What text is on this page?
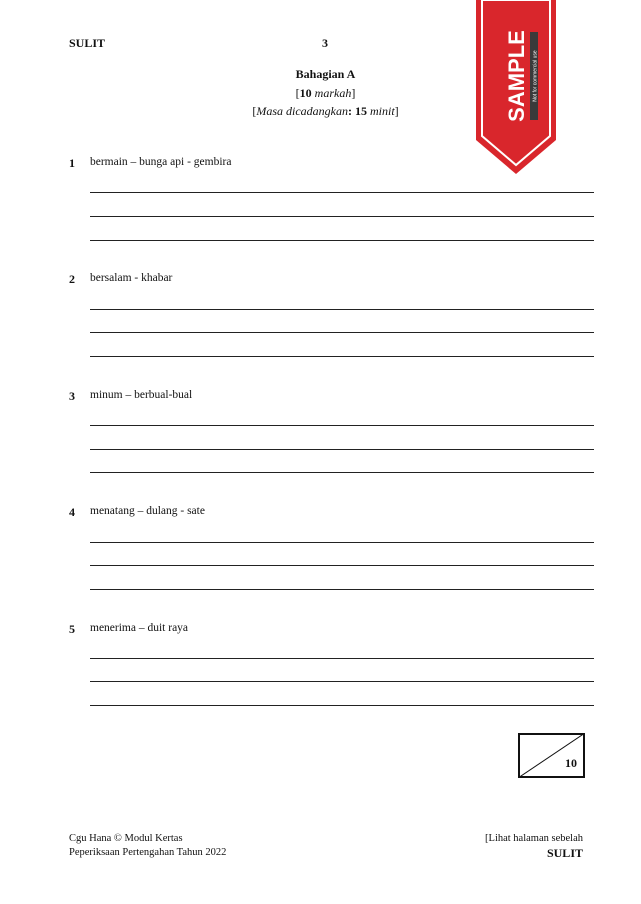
SULIT	3
Bahagian A
[10 markah]
[Masa dicadangkan: 15 minit]
1 bermain – bunga api - gembira
2 bersalam - khabar
3 minum – berbual-bual
4 menatang – dulang - sate
5 menerima – duit raya
10
Cgu Hana © Modul Kertas
Peperiksaan Pertengahan Tahun 2022
[Lihat halaman sebelah
SULIT
SAMPLE Not for commercial use
